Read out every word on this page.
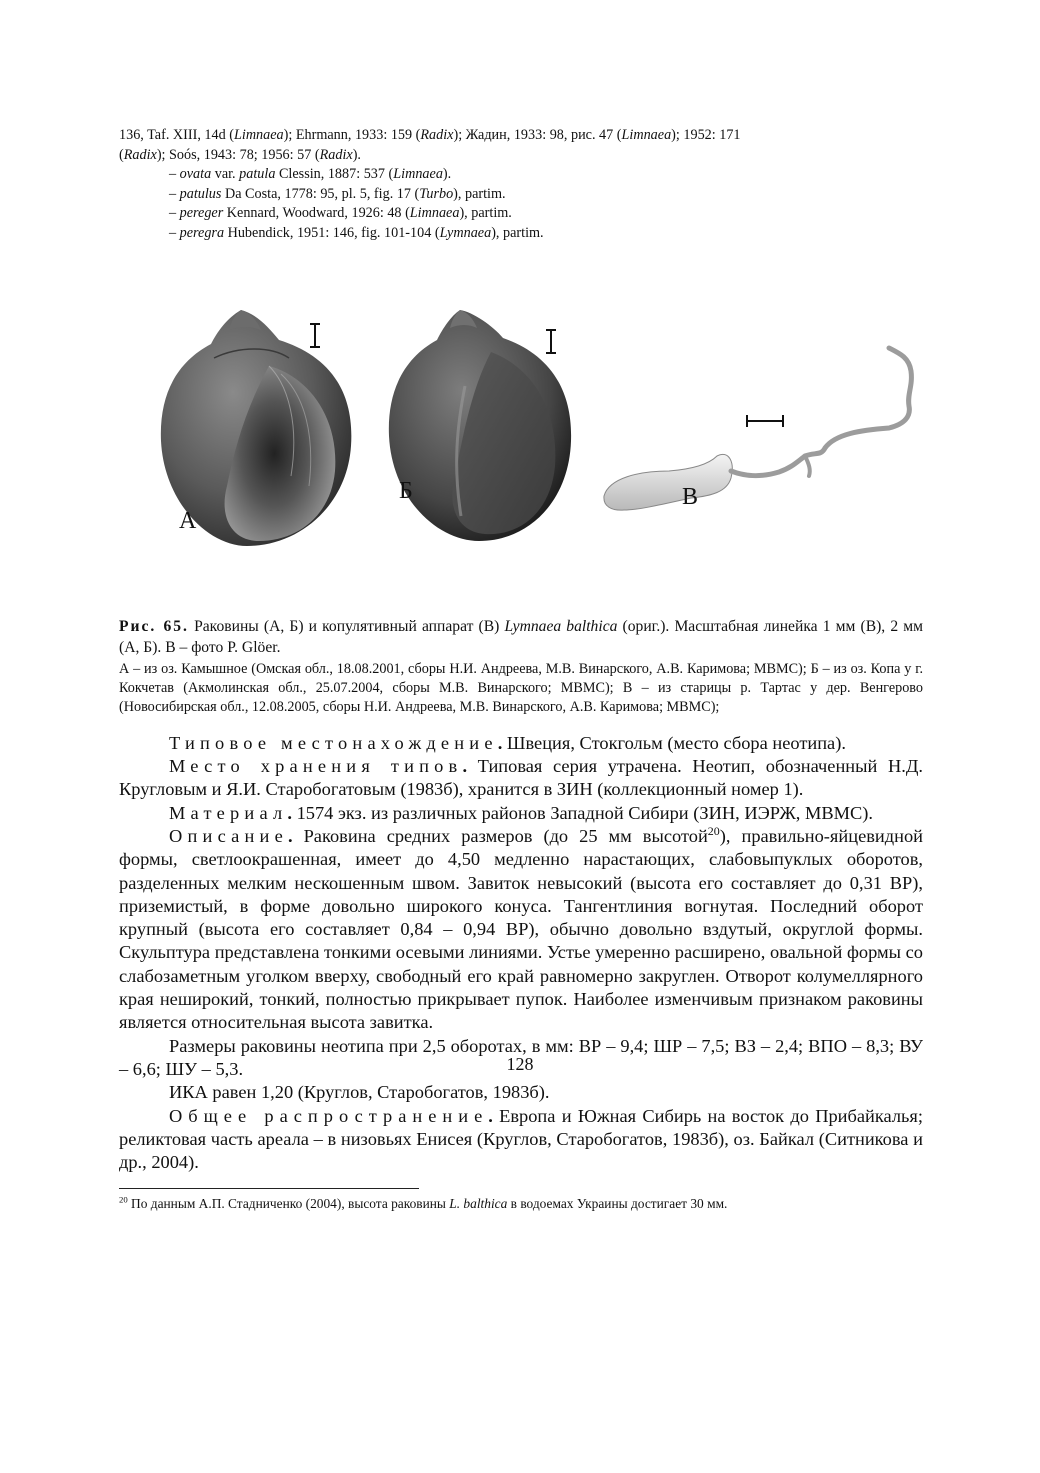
136, Taf. XIII, 14d (Limnaea); Ehrmann, 1933: 159 (Radix); Жадин, 1933: 98, рис. 47 (Limnaea); 1952: 171
(Radix); Soós, 1943: 78; 1956: 57 (Radix).
– ovata var. patula Clessin, 1887: 537 (Limnaea).
– patulus Da Costa, 1778: 95, pl. 5, fig. 17 (Turbo), partim.
– pereger Kennard, Woodward, 1926: 48 (Limnaea), partim.
– peregra Hubendick, 1951: 146, fig. 101-104 (Lymnaea), partim.
А
Б	В
Рис. 65. Раковины (А, Б) и копулятивный аппарат (В) Lymnaea balthica (ориг.). Масштабная линейка 1 мм (В), 2 мм (А, Б). В – фото P. Glöer.
А – из оз. Камышное (Омская обл., 18.08.2001, сборы Н.И. Андреева, М.В. Винарского, А.В. Каримова; МВМС); Б – из оз. Копа у г. Кокчетав (Акмолинская обл., 25.07.2004, сборы М.В. Винарского; МВМС); В – из старицы р. Тартас у дер. Венгерово (Новосибирская обл., 12.08.2005, сборы Н.И. Андреева, М.В. Винарского, А.В. Каримова; МВМС);

Типовое местонахождение. Швеция, Стокгольм (место сбора неотипа).

Место хранения типов. Типовая серия утрачена. Неотип, обозначенный Н.Д. Кругловым и Я.И. Старобогатовым (1983б), хранится в ЗИН (коллекционный номер 1).

Материал. 1574 экз. из различных районов Западной Сибири (ЗИН, ИЭРЖ, МВМС).

Описание. Раковина средних размеров (до 25 мм высотой$^{20}$), правильно-яйцевидной формы, светлоокрашенная, имеет до 4,50 медленно нарастающих, слабовыпуклых оборотов, разделенных мелким нескошенным швом. Завиток невысокий (высота его составляет до 0,31 ВР), приземистый, в форме довольно широкого конуса. Тангентлиния вогнутая. Последний оборот крупный (высота его составляет 0,84 – 0,94 ВР), обычно довольно вздутый, округлой формы. Скульптура представлена тонкими осевыми линиями. Устье умеренно расширено, овальной формы со слабозаметным уголком вверху, свободный его край равномерно закруглен. Отворот колумеллярного края неширокий, тонкий, полностью прикрывает пупок. Наиболее изменчивым признаком раковины является относительная высота завитка.

Размеры раковины неотипа при 2,5 оборотах, в мм: ВР – 9,4; ШР – 7,5; ВЗ – 2,4; ВПО – 8,3; ВУ – 6,6; ШУ – 5,3.

ИКА равен 1,20 (Круглов, Старобогатов, 1983б).

Общее распространение. Европа и Южная Сибирь на восток до Прибайкалья; реликтовая часть ареала – в низовьях Енисея (Круглов, Старобогатов, 1983б), оз. Байкал (Ситникова и др., 2004).

$^{20}$ По данным А.П. Стадниченко (2004), высота раковины L. balthica в водоемах Украины достигает 30 мм.
128
